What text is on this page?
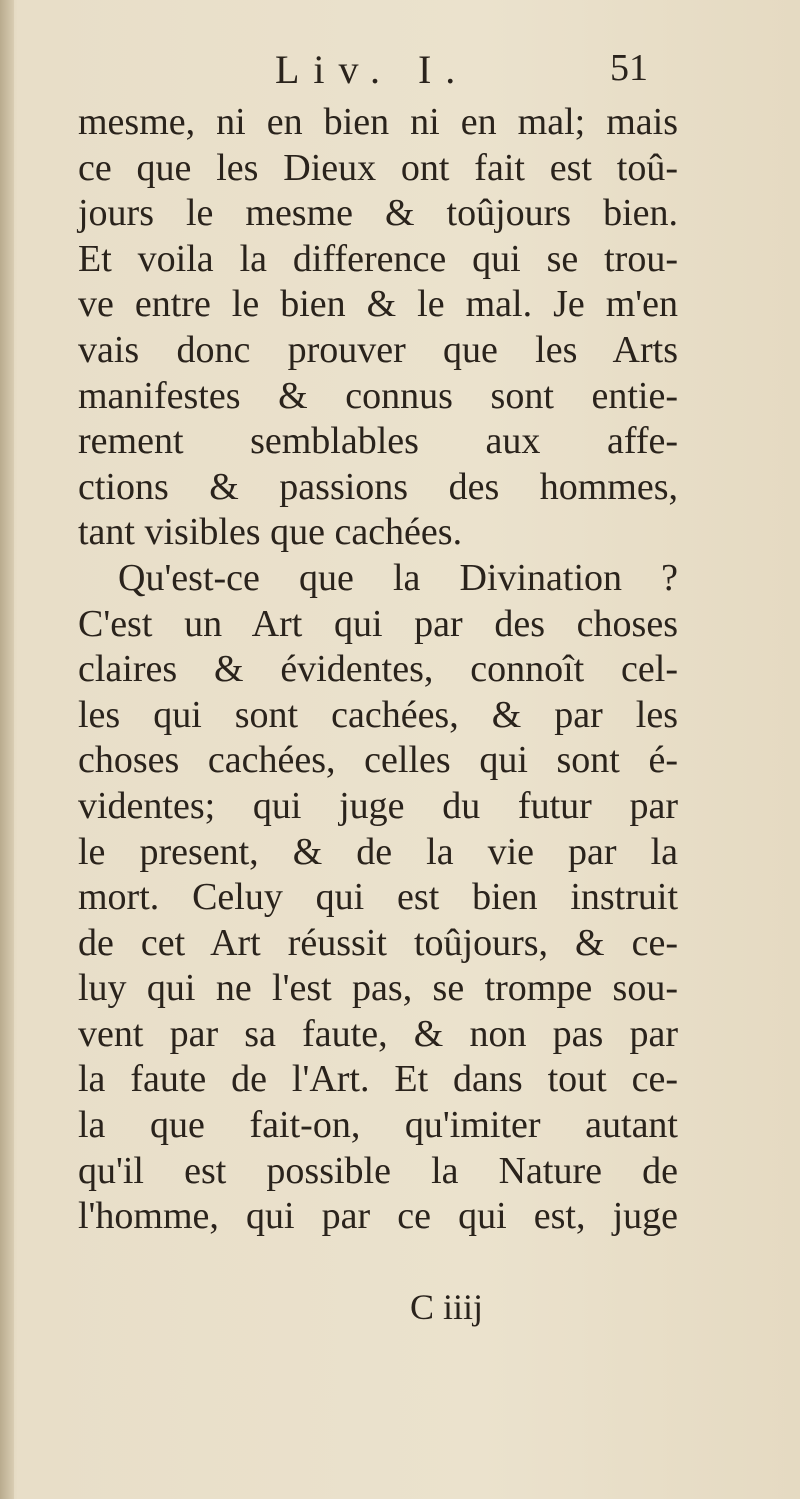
Liv. I.	51
mesme, ni en bien ni en mal; mais
ce que les Dieux ont fait est toû-
jours le mesme & toûjours bien.
Et voila la difference qui se trou-
ve entre le bien & le mal. Je m'en
vais donc prouver que les Arts
manifestes & connus sont entie-
rement semblables aux affe-
ctions & passions des hommes,
tant visibles que cachées.
Qu'est-ce que la Divination ?
C'est un Art qui par des choses
claires & évidentes, connoît cel-
les qui sont cachées, & par les
choses cachées, celles qui sont é-
videntes; qui juge du futur par
le present, & de la vie par la
mort. Celuy qui est bien instruit
de cet Art réussit toûjours, & ce-
luy qui ne l'est pas, se trompe sou-
vent par sa faute, & non pas par
la faute de l'Art. Et dans tout ce-
la que fait-on, qu'imiter autant
qu'il est possible la Nature de
l'homme, qui par ce qui est, juge
C iiij
